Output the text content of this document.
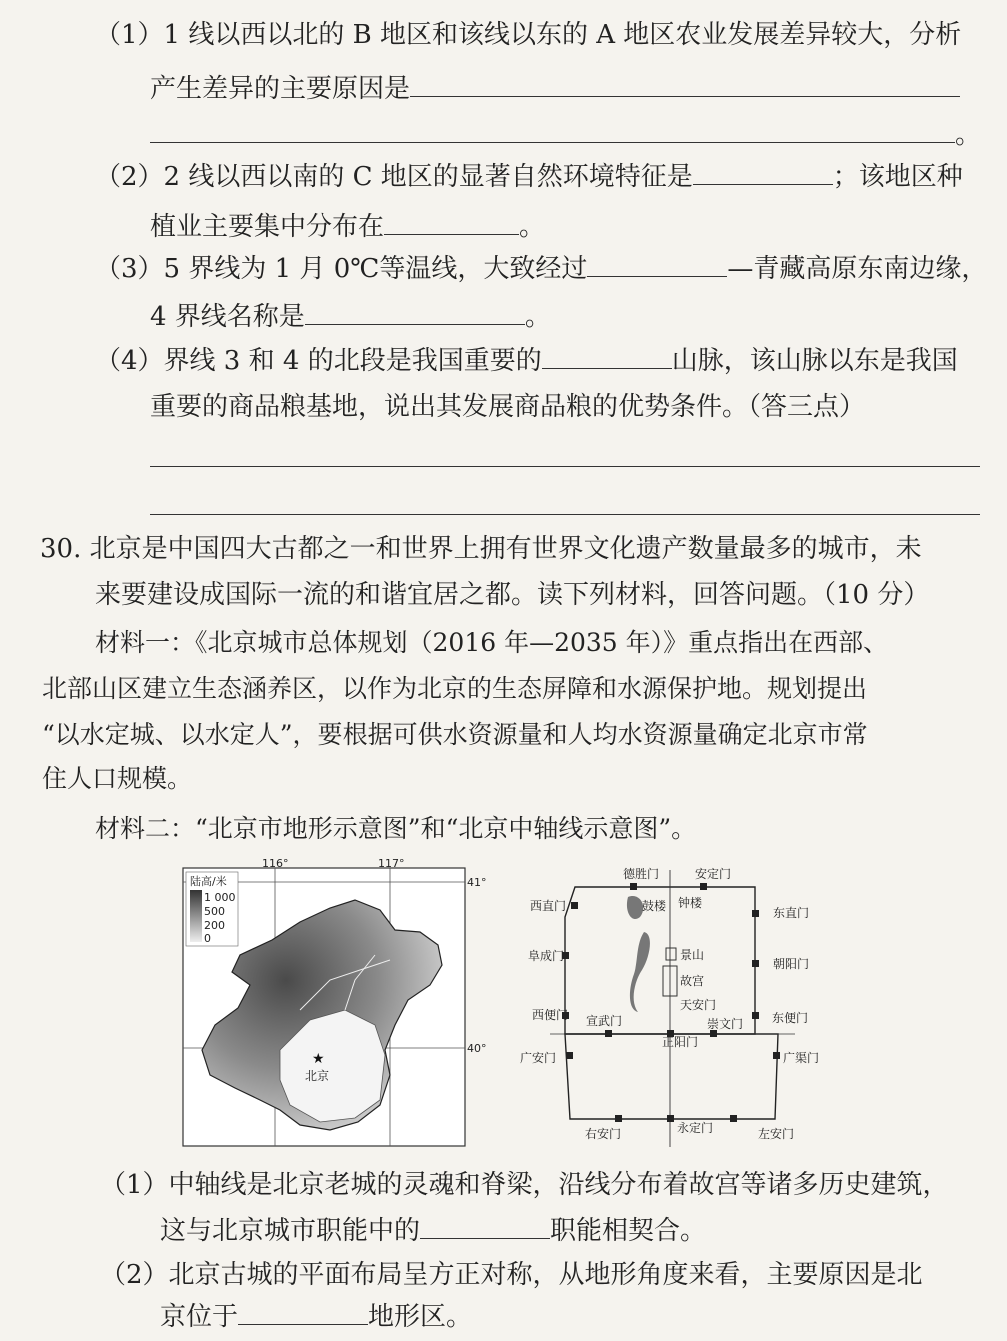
（1）1 线以西以北的 B 地区和该线以东的 A 地区农业发展差异较大，分析
产生差异的主要原因是
。
（2）2 线以西以南的 C 地区的显著自然环境特征是	；该地区种
植业主要集中分布在	。
（3）5 界线为 1 月 0℃等温线，大致经过	—青藏高原东南边缘，
4 界线名称是	。
（4）界线 3 和 4 的北段是我国重要的	山脉，该山脉以东是我国
重要的商品粮基地，说出其发展商品粮的优势条件。（答三点）
30. 北京是中国四大古都之一和世界上拥有世界文化遗产数量最多的城市，未
来要建设成国际一流的和谐宜居之都。读下列材料，回答问题。（10 分）
材料一：《北京城市总体规划（2016 年—2035 年）》重点指出在西部、
北部山区建立生态涵养区，以作为北京的生态屏障和水源保护地。规划提出
“以水定城、以水定人”，要根据可供水资源量和人均水资源量确定北京市常
住人口规模。
材料二：“北京市地形示意图”和“北京中轴线示意图”。
陆高/米
1 000
500
200
0
116°	117°
41°
40°
★
北京
德胜门	安定门
西直门	东直门
阜成门
朝阳门
西便门	东便门
宣武门	崇文门
广安门	广渠门
正阳门
右安门	永定门	左安门
鼓楼 钟楼
景山
故宫
天安门
（1）中轴线是北京老城的灵魂和脊梁，沿线分布着故宫等诸多历史建筑，
这与北京城市职能中的	职能相契合。
（2）北京古城的平面布局呈方正对称，从地形角度来看，主要原因是北
京位于	地形区。
